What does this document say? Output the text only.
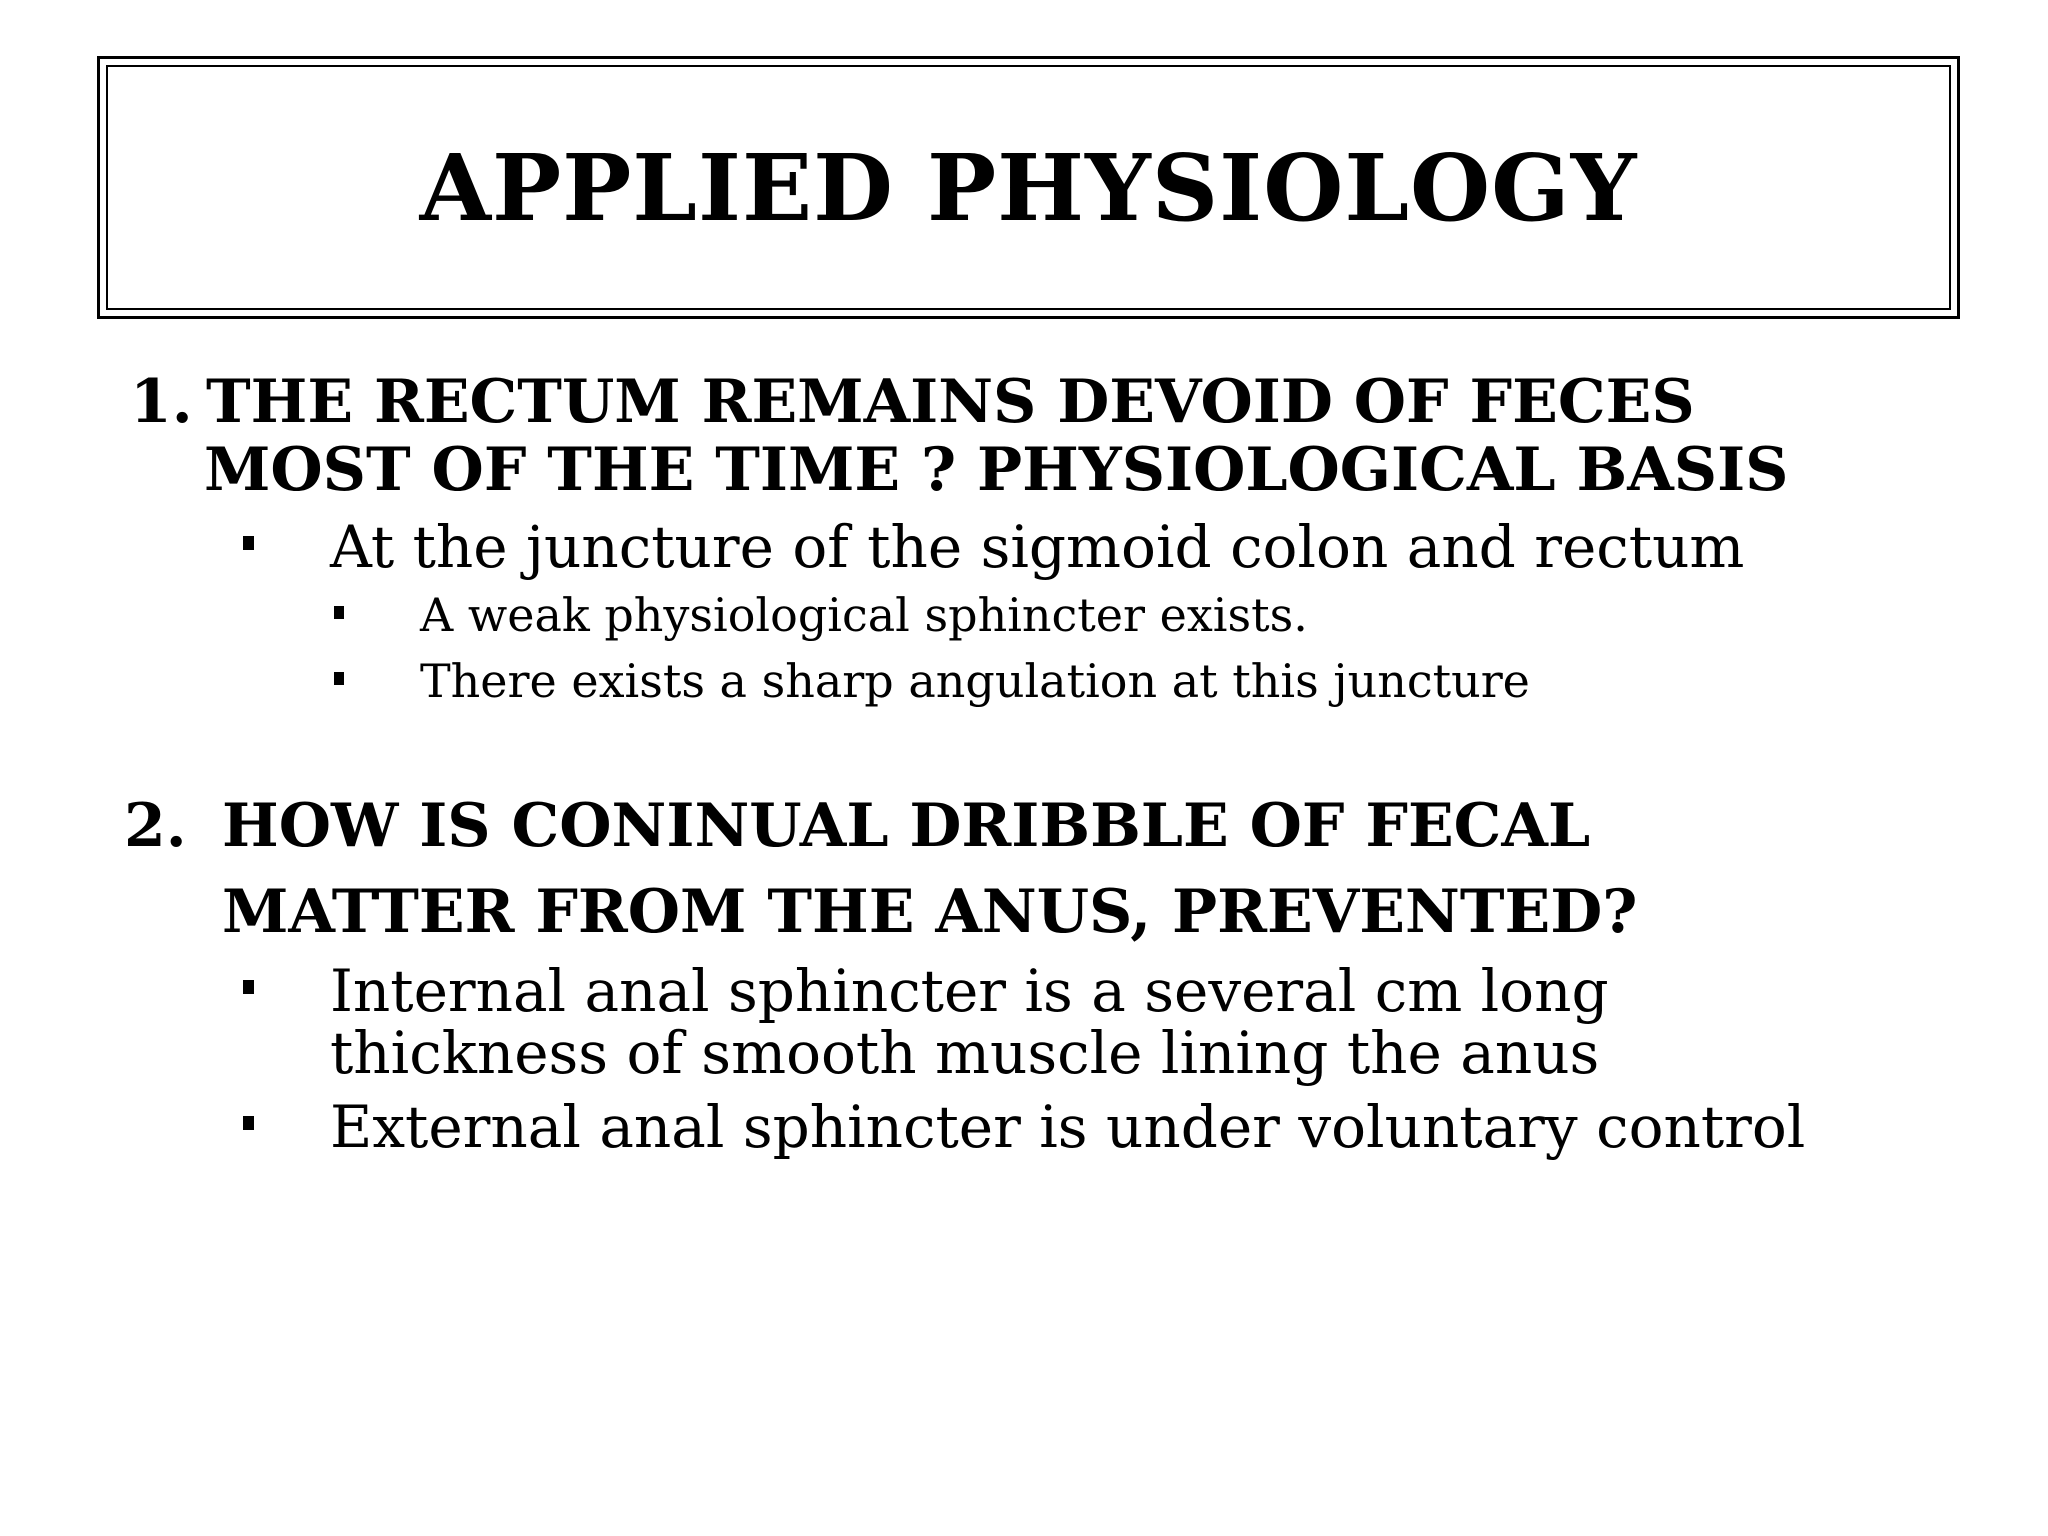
APPLIED PHYSIOLOGY
1. THE RECTUM REMAINS DEVOID OF FECES
MOST OF THE TIME ? PHYSIOLOGICAL BASIS
At the juncture of the sigmoid colon and rectum
A weak physiological sphincter exists.
There exists a sharp angulation at this juncture
2. HOW IS CONINUAL DRIBBLE OF FECAL
MATTER FROM THE ANUS, PREVENTED?
Internal anal sphincter is a several cm long
thickness of smooth muscle lining the anus
External anal sphincter is under voluntary control
